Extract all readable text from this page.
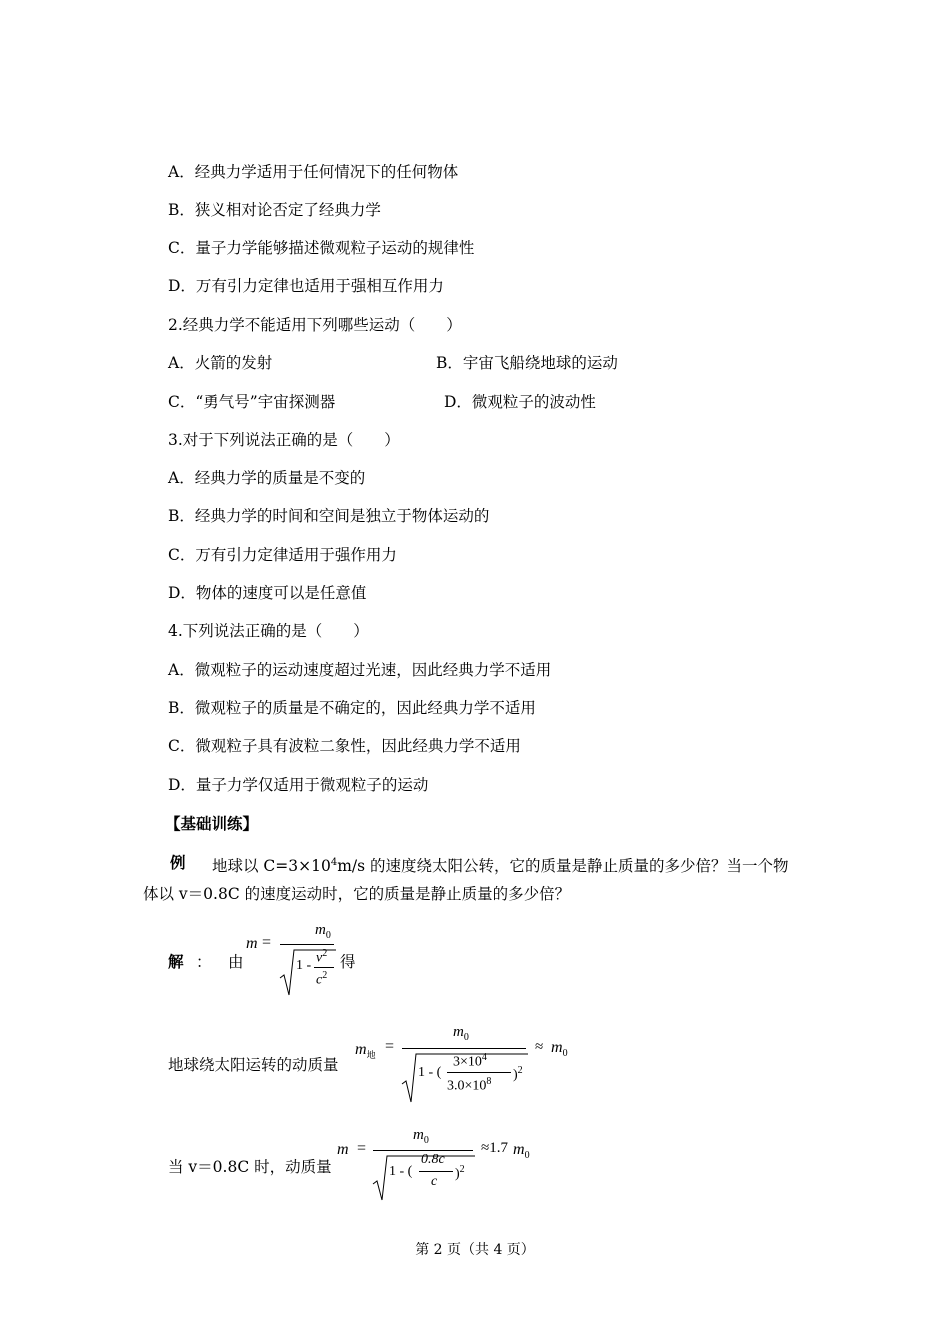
A．经典力学适用于任何情况下的任何物体
B．狭义相对论否定了经典力学
C．量子力学能够描述微观粒子运动的规律性
D．万有引力定律也适用于强相互作用力
2.经典力学不能适用下列哪些运动（　　）
A．火箭的发射	B．宇宙飞船绕地球的运动
C．“勇气号”宇宙探测器	D．微观粒子的波动性
3.对于下列说法正确的是（　　）
A．经典力学的质量是不变的
B．经典力学的时间和空间是独立于物体运动的
C．万有引力定律适用于强作用力
D．物体的速度可以是任意值
4.下列说法正确的是（　　）
A．微观粒子的运动速度超过光速，因此经典力学不适用
B．微观粒子的质量是不确定的，因此经典力学不适用
C．微观粒子具有波粒二象性，因此经典力学不适用
D．量子力学仅适用于微观粒子的运动
【基础训练】
例 地球以 $C=3\times 10^4m/s$ 的速度绕太阳公转，它的质量是静止质量的多少倍？当一个物
体以 v＝0.8C 的速度运动时，它的质量是静止质量的多少倍？
解 ： 由
m =
$m_0$
$1 - v^2$
$c^2$
得
地球绕太阳运转的动质量
$m_地$
=
$m_0$
1 - (
$3\times 10^4$
$3.0\times 10^8$ )$^2$
≈ $m_0$
当 v＝0.8C 时，动质量
m =
$m_0$
1 - (
0.8c
c )$^2$
≈1.7 $m_0$
第 2 页（共 4 页）
